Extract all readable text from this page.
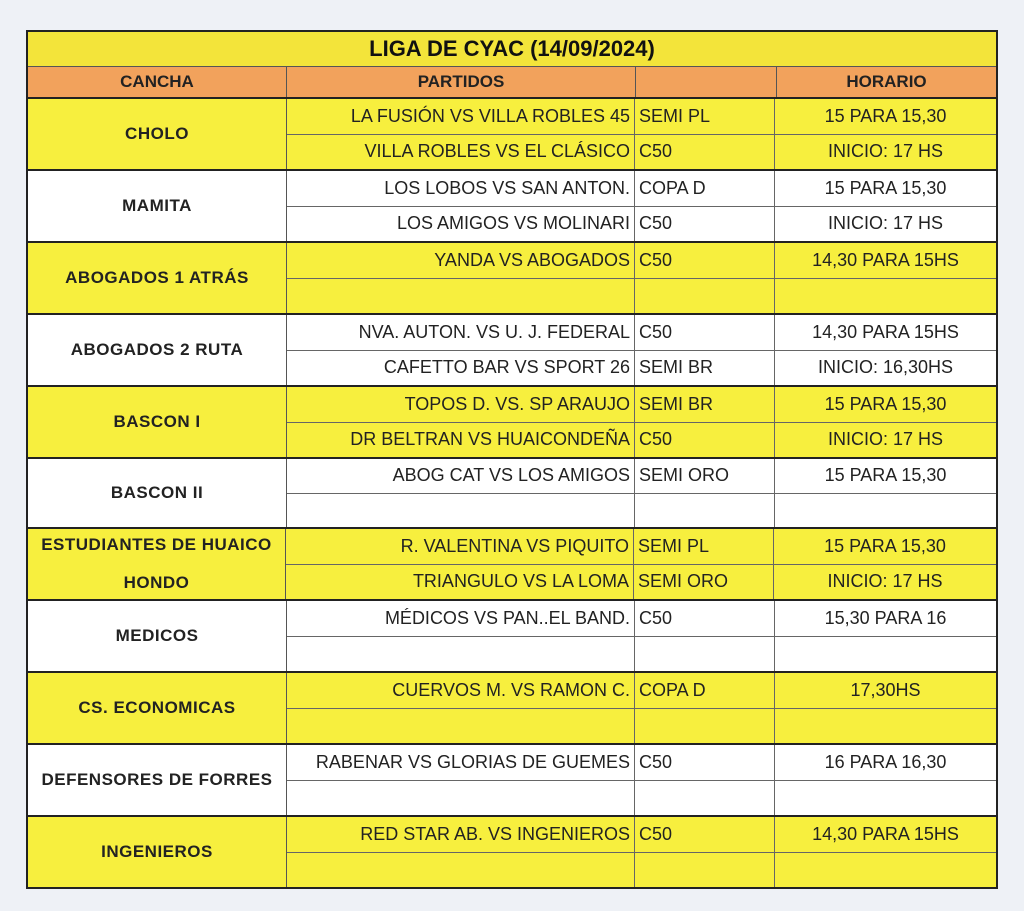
LIGA DE CYAC (14/09/2024)
CANCHA	PARTIDOS	HORARIO
CHOLO
LA FUSIÓN VS VILLA ROBLES 45 SEMI PL	15 PARA 15,30
VILLA ROBLES VS EL CLÁSICO C50	INICIO: 17 HS
MAMITA
LOS LOBOS VS SAN ANTON. COPA D	15 PARA 15,30
LOS AMIGOS VS MOLINARI C50	INICIO: 17 HS
ABOGADOS 1 ATRÁS
YANDA VS ABOGADOS C50	14,30 PARA 15HS
ABOGADOS 2 RUTA
NVA. AUTON. VS U. J. FEDERAL C50	14,30 PARA 15HS
CAFETTO BAR VS SPORT 26 SEMI BR	INICIO: 16,30HS
BASCON I
TOPOS D. VS. SP ARAUJO SEMI BR	15 PARA 15,30
DR BELTRAN VS HUAICONDEÑA C50	INICIO: 17 HS
BASCON II
ABOG CAT VS LOS AMIGOS SEMI ORO	15 PARA 15,30
ESTUDIANTES DE HUAICO
HONDO
R. VALENTINA VS PIQUITO SEMI PL	15 PARA 15,30
TRIANGULO VS LA LOMA SEMI ORO	INICIO: 17 HS
MEDICOS
MÉDICOS VS PAN..EL BAND. C50	15,30 PARA 16
CS. ECONOMICAS
CUERVOS M. VS RAMON C. COPA D	17,30HS
DEFENSORES DE FORRES
RABENAR VS GLORIAS DE GUEMES C50	16 PARA 16,30
INGENIEROS
RED STAR AB. VS INGENIEROS C50	14,30 PARA 15HS
